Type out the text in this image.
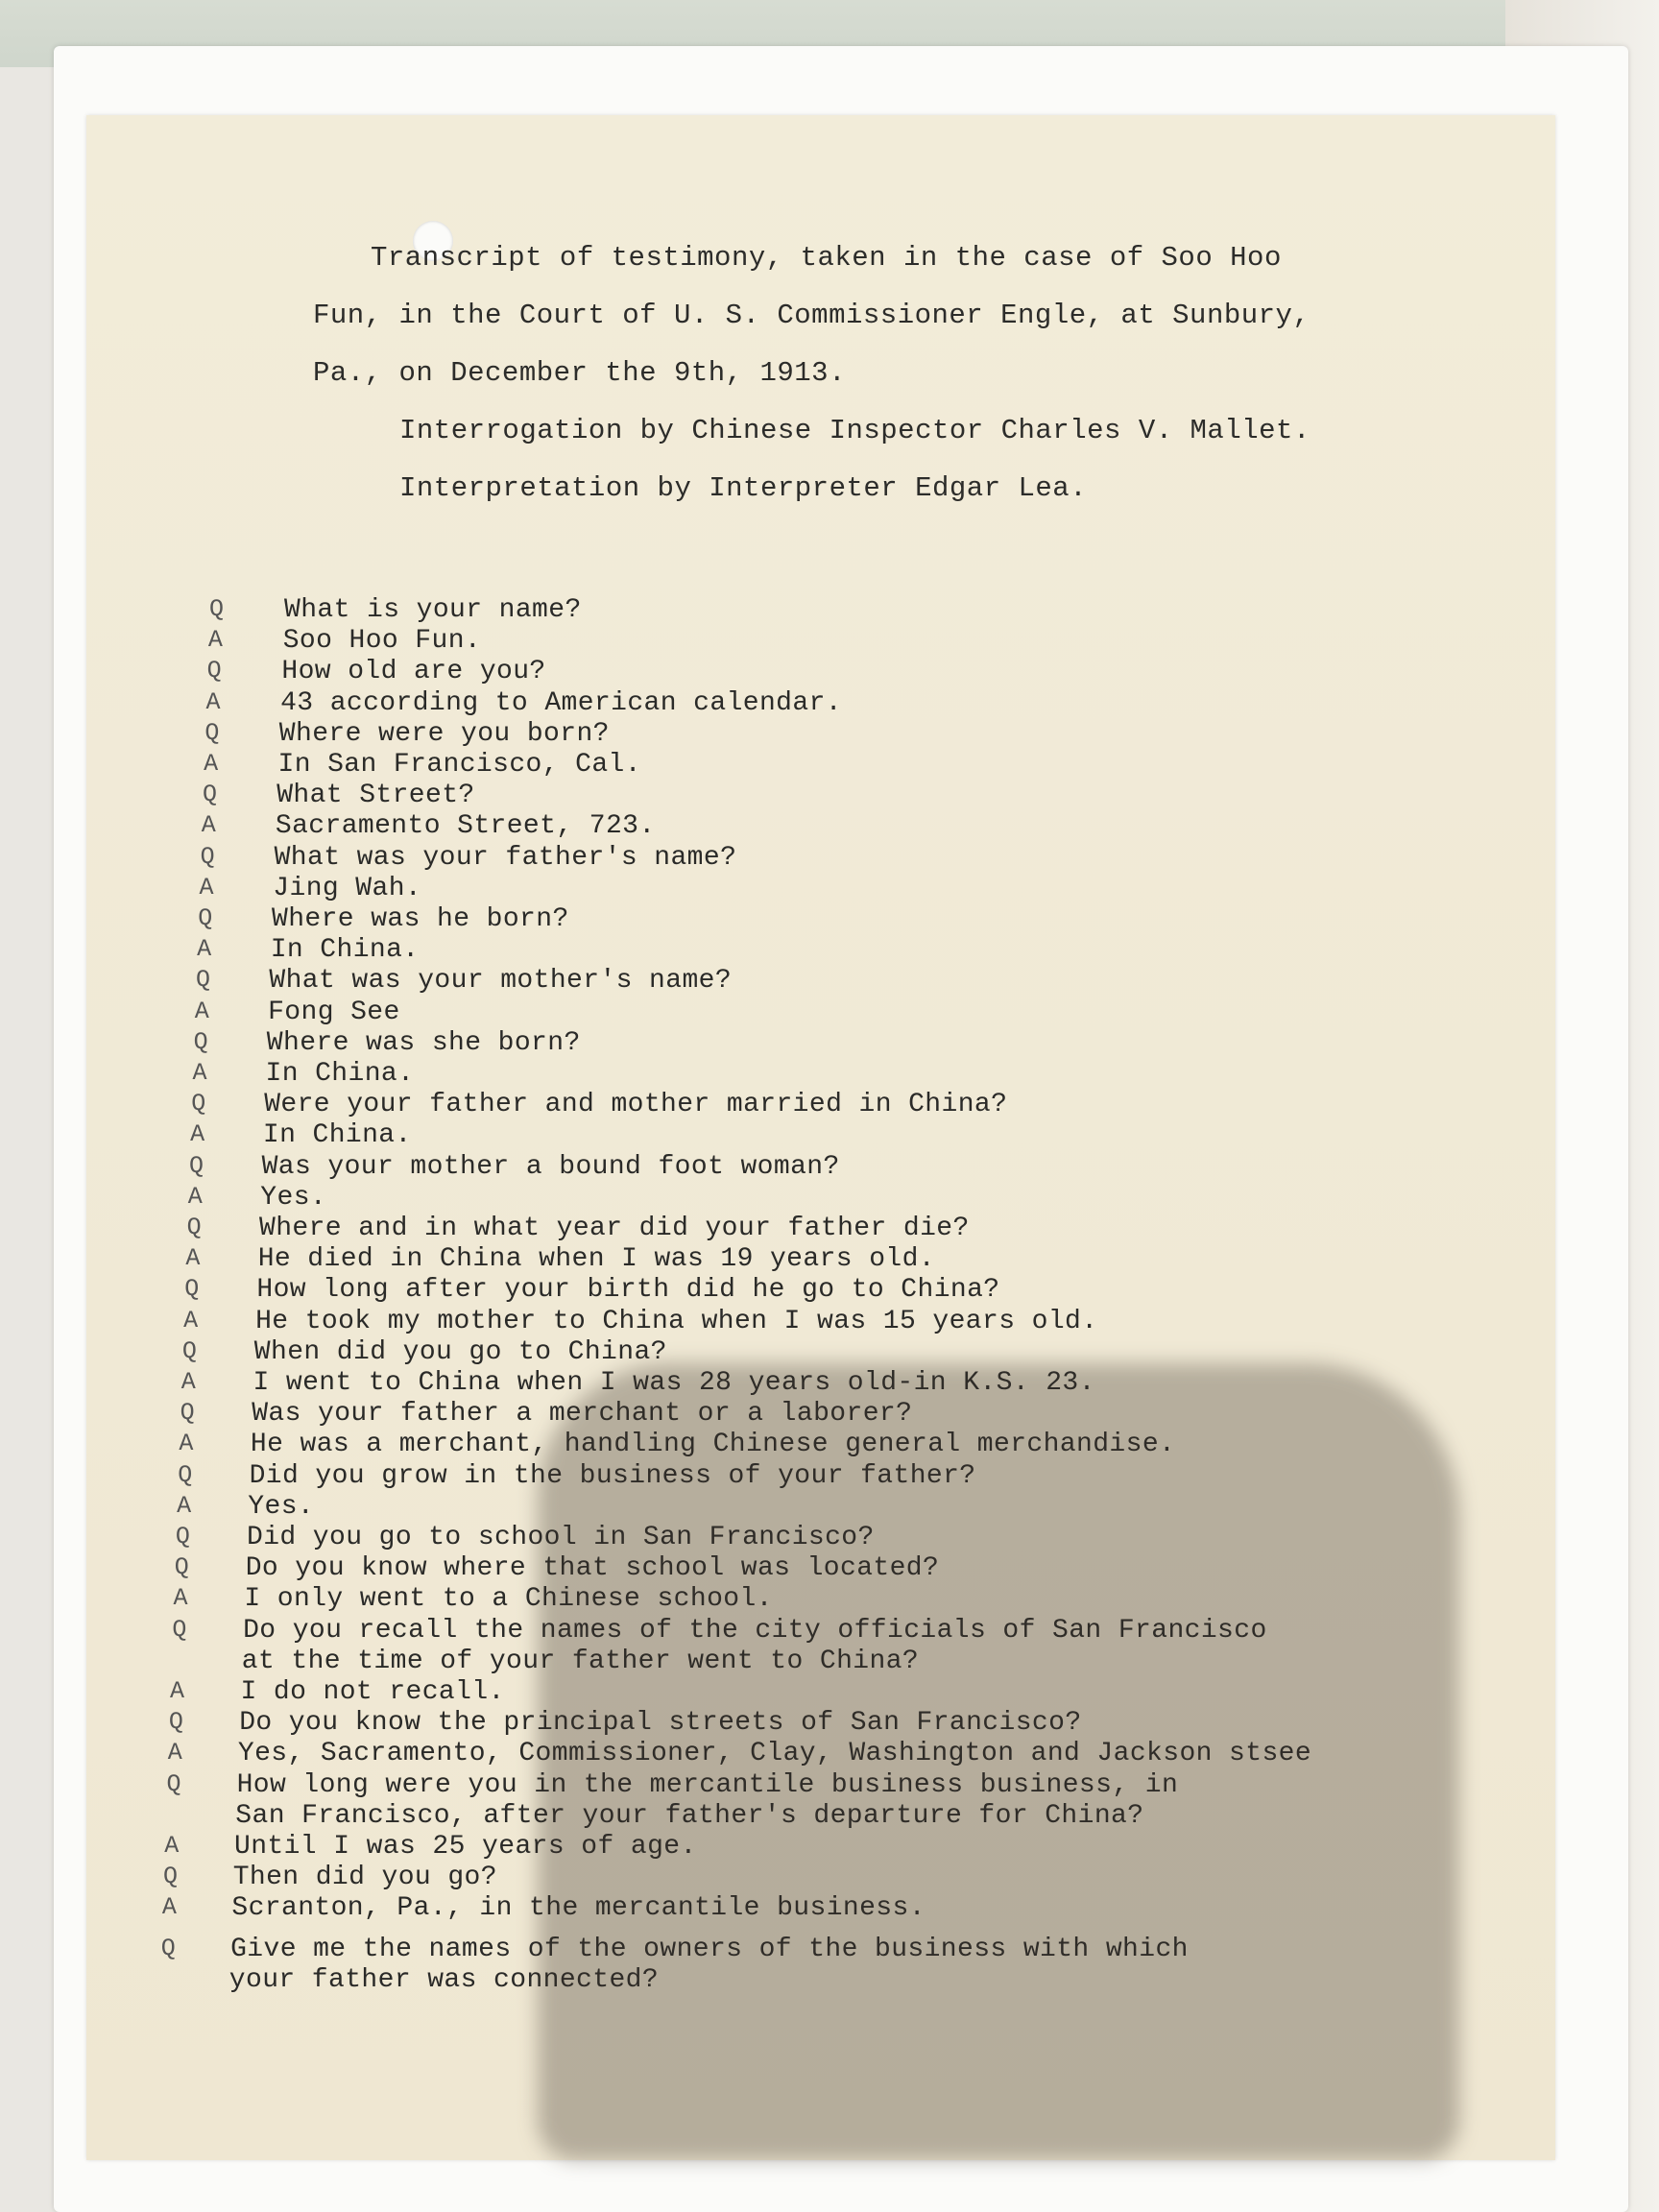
Transcript of testimony, taken in the case of Soo Hoo
Fun, in the Court of U. S. Commissioner Engle, at Sunbury,
Pa., on December the 9th, 1913.
Interrogation by Chinese Inspector Charles V. Mallet.
Interpretation by Interpreter Edgar Lea.
Q What is your name?
A Soo Hoo Fun.
Q How old are you?
A 43 according to American calendar.
Q Where were you born?
A In San Francisco, Cal.
Q What Street?
A Sacramento Street, 723.
Q What was your father's name?
A Jing Wah.
Q Where was he born?
A In China.
Q What was your mother's name?
A Fong See
Q Where was she born?
A In China.
Q Were your father and mother married in China?
A In China.
Q Was your mother a bound foot woman?
A Yes.
Q Where and in what year did your father die?
A He died in China when I was 19 years old.
Q How long after your birth did he go to China?
A He took my mother to China when I was 15 years old.
Q When did you go to China?
A I went to China when I was 28 years old-in K.S. 23.
Q Was your father a merchant or a laborer?
A He was a merchant, handling Chinese general merchandise.
Q Did you grow in the business of your father?
A Yes.
Q Did you go to school in San Francisco?
Q Do you know where that school was located?
A I only went to a Chinese school.
Q Do you recall the names of the city officials of San Francisco
at the time of your father went to China?
A I do not recall.
Q Do you know the principal streets of San Francisco?
A Yes, Sacramento, Commissioner, Clay, Washington and Jackson stsee
Q How long were you in the mercantile business business, in
San Francisco, after your father's departure for China?
A Until I was 25 years of age.
Q Then did you go?
A Scranton, Pa., in the mercantile business.
Q Give me the names of the owners of the business with which
your father was connected?
